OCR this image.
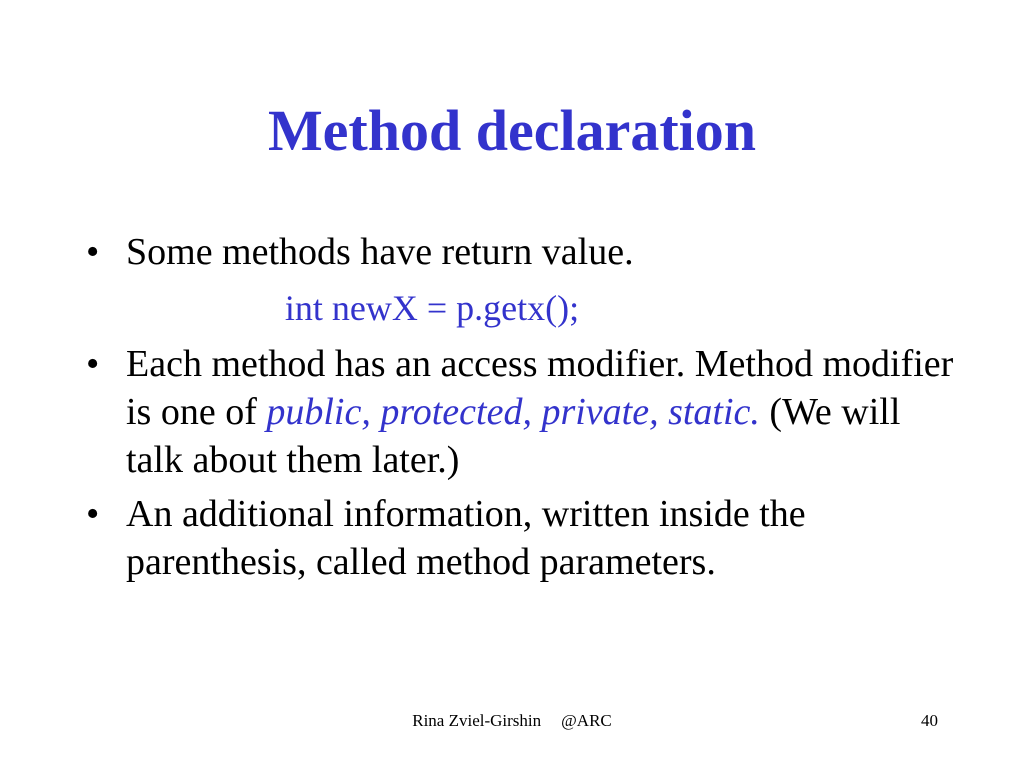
Method declaration
• Some methods have return value.
int newX = p.getx();
• Each method has an access modifier. Method modifier is one of public, protected, private, static. (We will talk about them later.)
• An additional information, written inside the parenthesis, called method parameters.
Rina Zviel-Girshin @ARC	40
